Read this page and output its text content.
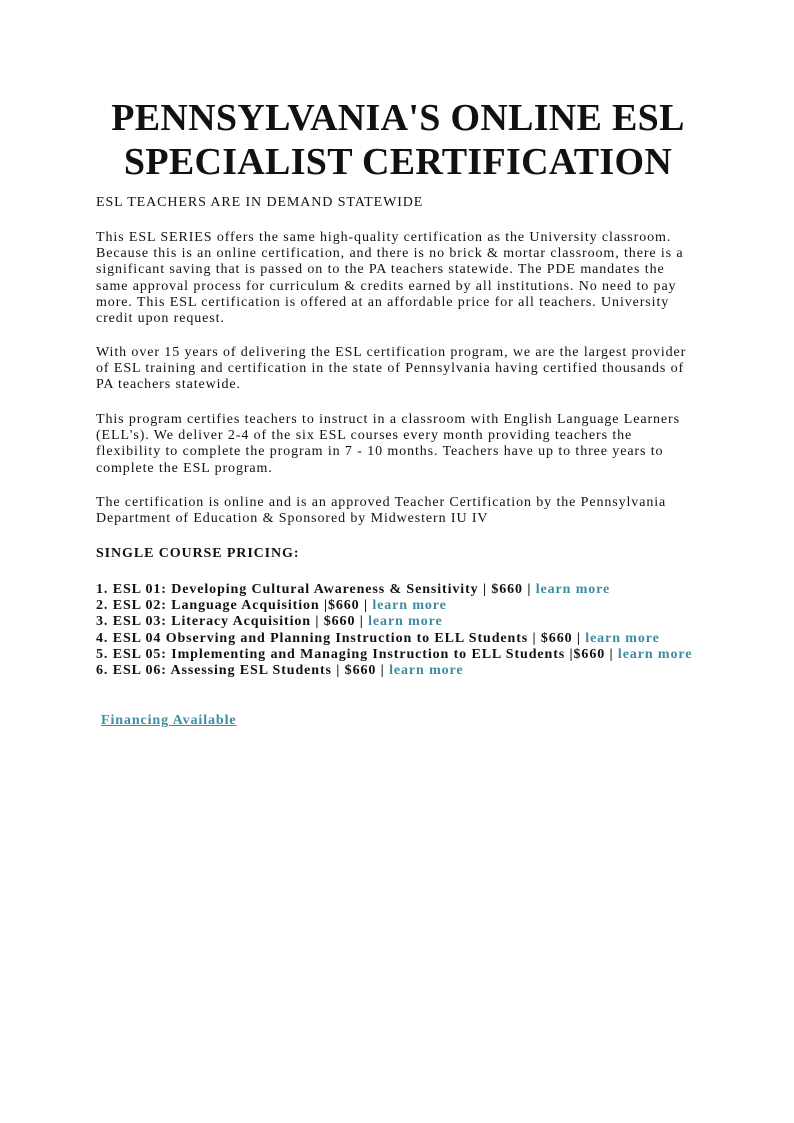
PENNSYLVANIA'S ONLINE ESL SPECIALIST CERTIFICATION

ESL TEACHERS ARE IN DEMAND STATEWIDE

This ESL SERIES offers the same high-quality certification as the University classroom. Because this is an online certification, and there is no brick & mortar classroom, there is a significant saving that is passed on to the PA teachers statewide. The PDE mandates the same approval process for curriculum & credits earned by all institutions. No need to pay more. This ESL certification is offered at an affordable price for all teachers. University credit upon request.

With over 15 years of delivering the ESL certification program, we are the largest provider of ESL training and certification in the state of Pennsylvania having certified thousands of PA teachers statewide.

This program certifies teachers to instruct in a classroom with English Language Learners (ELL's). We deliver 2-4 of the six ESL courses every month providing teachers the flexibility to complete the program in 7 - 10 months. Teachers have up to three years to complete the ESL program.

The certification is online and is an approved Teacher Certification by the Pennsylvania Department of Education & Sponsored by Midwestern IU IV

SINGLE COURSE PRICING:

1. ESL 01: Developing Cultural Awareness & Sensitivity | $660 | learn more
2. ESL 02: Language Acquisition |$660 | learn more
3. ESL 03: Literacy Acquisition | $660 | learn more
4. ESL 04 Observing and Planning Instruction to ELL Students | $660 | learn more
5. ESL 05: Implementing and Managing Instruction to ELL Students |$660 | learn more
6. ESL 06: Assessing ESL Students | $660 | learn more
Financing Available
